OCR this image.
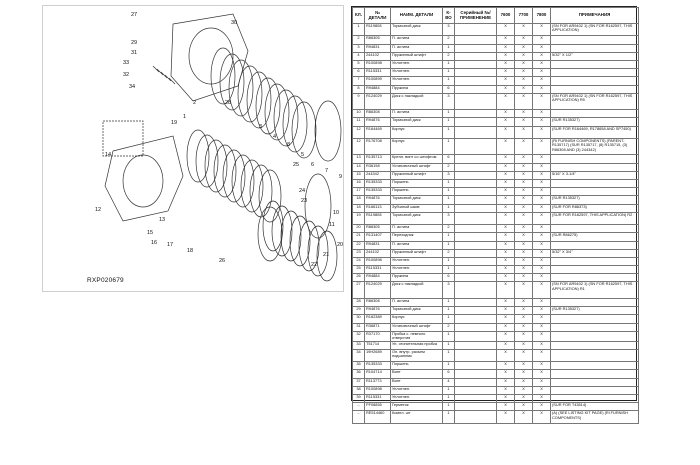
27
29
31
30
33
32
34
2
1
28
19
3
4
8
5
6
7
9
10
11
14
12
13
15
16 17
18
26
25
24
23
22
21
20
RXP020679
КЛ.	№ ДЕТАЛИ	НАИМ. ДЕТАЛИ	К-ВО	Серийный №/ПРИМЕНЕНИЕ	7600	7700	7800	ПРИМЕЧАНИЯ
1	R119808	Тормозной диск	3		X	X	X	(SN FOR AR9402 1) (SN FOR R162597, THIS APPLICATION)
2	R86305	П. астина	2		X	X	X	
3	R94831	П. астина	1		X	X	X	
4	244102	Пружинный штифт	2		X	X	X	5/32" X 1/2"
5	R100898	Уплотнен.	1		X	X	X	
6	R115331	Уплотнен.	1		X	X	X	
7	R100899	Уплотнен.	1		X	X	X	
8	R94884	Пружина	6		X	X	X	
9	R124029	Диск с накладкой	3		X	X	X	(SN FOR AR9402 1) (SN FOR R162597, THIS APPLICATION) R5
10	R86308	П. астина	1		X	X	X	
11	R94876	Тормозной диск	1		X	X	X	(SUR R135327)
12	R164469	Корпус	1		X	X	X	(SUR FOR R164469, R178658 AND SP7450)
12	R176708	Корпус	1		X	X	X	(Ri FURNISH COMPONENTS) (PARENT-R135717) (SUR R135717, (8) R135715, (3) R86308 AND (3) 244342)
13	R135713	Крепл. винт со штифтом	6		X	X	X	
14	R36198	Установочный штифт	2		X	X	X	
15	244342	Пружинный штифт	3		X	X	X	5/16" X 3-1/4"
16	R135333	Поршень	1		X	X	X	
17	R135333	Поршень	1		X	X	X	
18	R94876	Тормозной диск	1		X	X	X	(SUR R135327)
18	R166113	Зубчатый шкив	1		X	X	X	(SUR FOR R86373)
19	R119808	Тормозной диск	3		X	X	X	(SUR FOR R162597, THIS APPLICATION) R2
20	R86305	П. астина	2		X	X	X	
21	R131407	Переходник	1		X	X	X	(SUR R86275)
22	R94831	П. астина	1		X	X	X	
23	244102	Пружинный штифт	2		X	X	X	5/32" X 3/4"
24	R100898	Уплотнен.	1		X	X	X	
25	R115331	Уплотнен.	1		X	X	X	
26	R94884	Пружина	6		X	X	X	
27	R124029	Диск с накладкой	3		X	X	X	(SN FOR AR9402 1) (SN FOR R162597, THIS APPLICATION) R1
28	R86308	П. астина	1		X	X	X	
29	R94876	Тормозной диск	1		X	X	X	(SUR R135327)
30	R162389	Корпус	1		X	X	X	
31	R36871	Установочный штифт	2		X	X	X	
32	R37170	Пробка с. немного отверстия	1		X	X	X	
33	T51714	Уп. отопительная пробка	1		X	X	X	
34	19H2689	Он. внутр. разъем подшипник	1		X	X	X	
35	R135333	Поршень	1		X	X	X	
36	R104714	Винт	6		X	X	X	
37	R113773	Винт	4		X	X	X	
38	R100898	Уплотнен.	1		X	X	X	
39	R115331	Уплотнен.	1		X	X	X	
...	PF08855	Герметик	1		X	X	X	(SUR FOR T43514)
...	RE514460	Компл. шт	1		X	X	X	(A) (SEE LISTING KIT PAGE) (Ri FURNISH COMPONENTS)
